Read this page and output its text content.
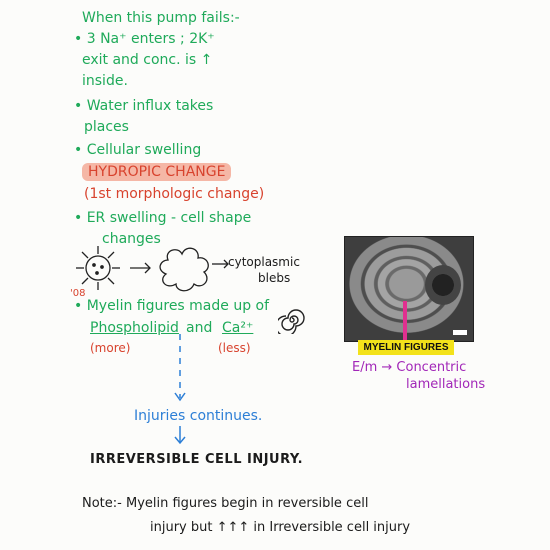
When this pump fails:-
• 3 Na⁺ enters ; 2K⁺
exit and conc. is ↑
inside.
• Water influx takes
places
• Cellular swelling
HYDROPIC CHANGE
(1st morphologic change)
• ER swelling - cell shape
changes
cytoplasmic
blebs
'08
• Myelin figures made up of
Phospholipid and Ca²⁺
(more)	(less)
Injuries continues.
IRREVERSIBLE CELL INJURY.
MYELIN FIGURES
E/m → Concentric
lamellations
Note:- Myelin figures begin in reversible cell
injury but ↑↑↑ in Irreversible cell injury
